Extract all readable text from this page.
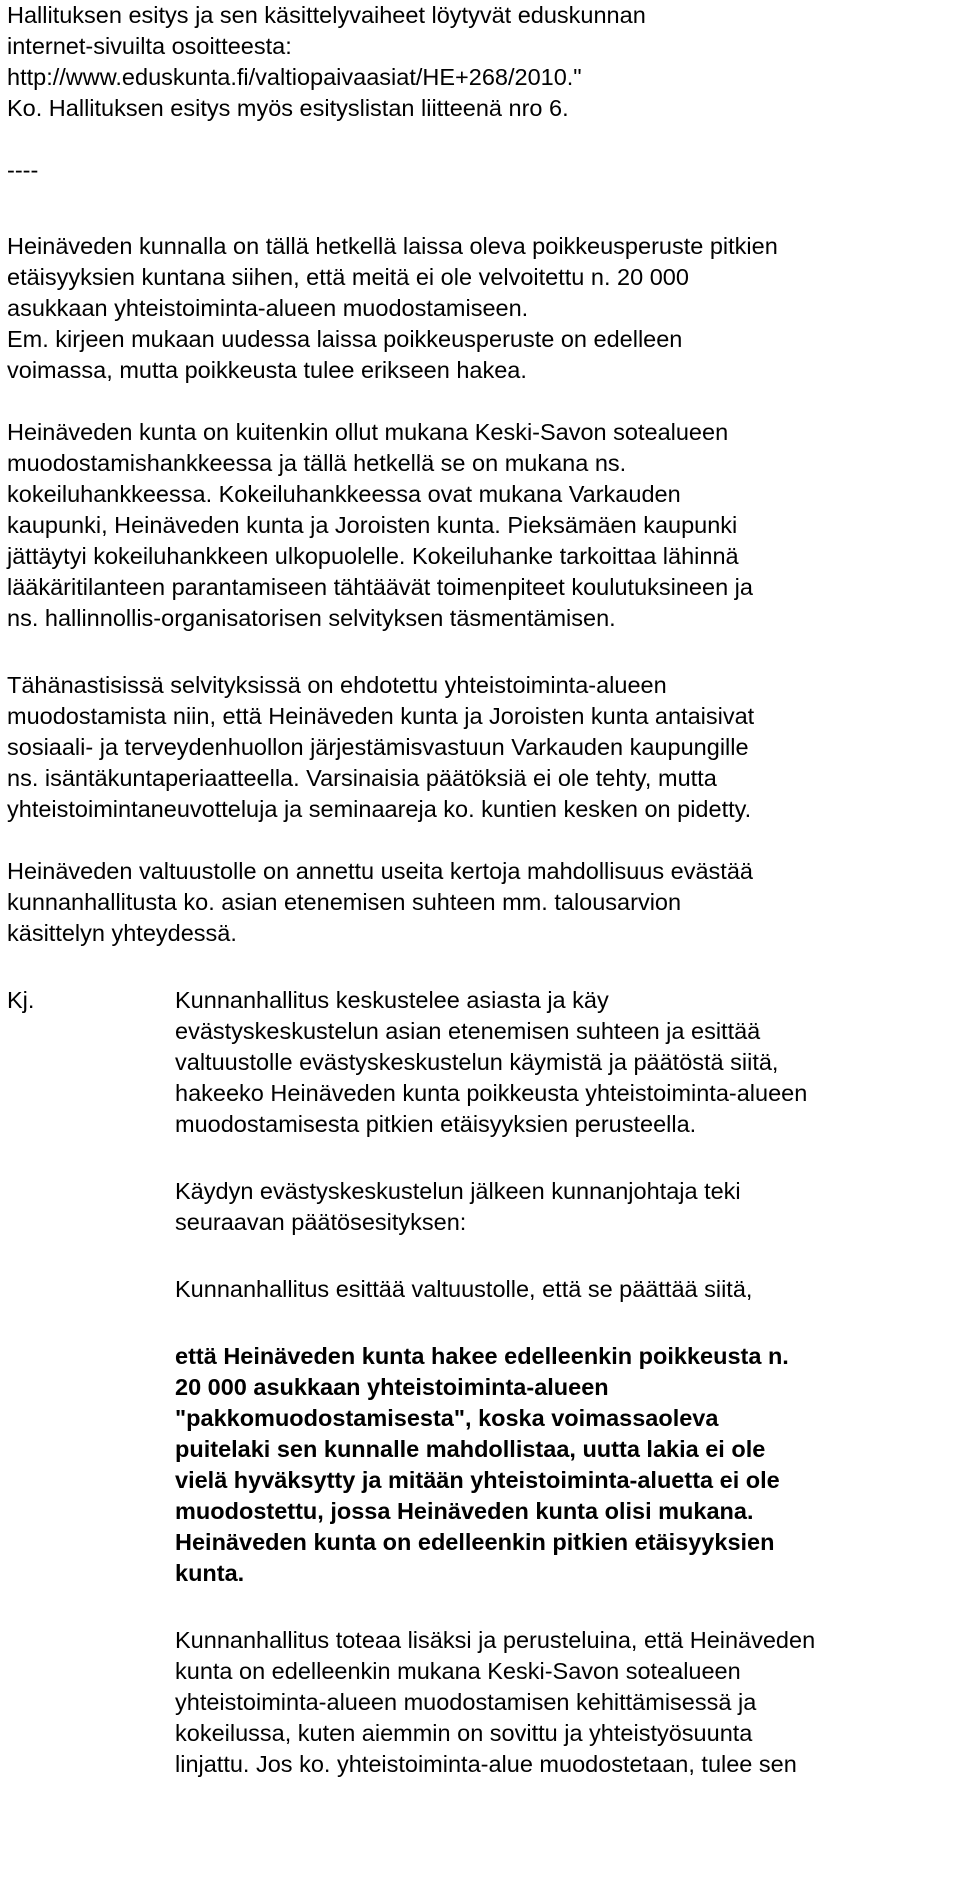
Hallituksen esitys ja sen käsittelyvaiheet löytyvät eduskunnan
internet-sivuilta osoitteesta:
http://www.eduskunta.fi/valtiopaivaasiat/HE+268/2010."
Ko. Hallituksen esitys myös esityslistan liitteenä nro 6.
----
Heinäveden kunnalla on tällä hetkellä laissa oleva poikkeusperuste pitkien
etäisyyksien kuntana siihen, että meitä ei ole velvoitettu n. 20 000
asukkaan yhteistoiminta-alueen muodostamiseen.
Em. kirjeen mukaan uudessa laissa poikkeusperuste on edelleen
voimassa, mutta poikkeusta tulee erikseen hakea.
Heinäveden kunta on kuitenkin ollut mukana Keski-Savon sotealueen
muodostamishankkeessa ja tällä hetkellä se on mukana ns.
kokeiluhankkeessa. Kokeiluhankkeessa ovat mukana Varkauden
kaupunki, Heinäveden kunta ja Joroisten kunta. Pieksämäen kaupunki
jättäytyi kokeiluhankkeen ulkopuolelle. Kokeiluhanke tarkoittaa lähinnä
lääkäritilanteen parantamiseen tähtäävät toimenpiteet koulutuksineen ja
ns. hallinnollis-organisatorisen selvityksen täsmentämisen.
Tähänastisissä selvityksissä on ehdotettu yhteistoiminta-alueen
muodostamista niin, että Heinäveden kunta ja Joroisten kunta antaisivat
sosiaali- ja terveydenhuollon järjestämisvastuun Varkauden kaupungille
ns. isäntäkuntaperiaatteella. Varsinaisia päätöksiä ei ole tehty, mutta
yhteistoimintaneuvotteluja ja seminaareja ko. kuntien kesken on pidetty.
Heinäveden valtuustolle on annettu useita kertoja mahdollisuus evästää
kunnanhallitusta ko. asian etenemisen suhteen mm. talousarvion
käsittelyn yhteydessä.
Kj.	Kunnanhallitus keskustelee asiasta ja käy
evästyskeskustelun asian etenemisen suhteen ja esittää
valtuustolle evästyskeskustelun käymistä ja päätöstä siitä,
hakeeko Heinäveden kunta poikkeusta yhteistoiminta-alueen
muodostamisesta pitkien etäisyyksien perusteella.
Käydyn evästyskeskustelun jälkeen kunnanjohtaja teki
seuraavan päätösesityksen:
Kunnanhallitus esittää valtuustolle, että se päättää siitä,
että Heinäveden kunta hakee edelleenkin poikkeusta n.
20 000 asukkaan yhteistoiminta-alueen
"pakkomuodostamisesta", koska voimassaoleva
puitelaki sen kunnalle mahdollistaa, uutta lakia ei ole
vielä hyväksytty ja mitään yhteistoiminta-aluetta ei ole
muodostettu, jossa Heinäveden kunta olisi mukana.
Heinäveden kunta on edelleenkin pitkien etäisyyksien
kunta.
Kunnanhallitus toteaa lisäksi ja perusteluina, että Heinäveden
kunta on edelleenkin mukana Keski-Savon sotealueen
yhteistoiminta-alueen muodostamisen kehittämisessä ja
kokeilussa, kuten aiemmin on sovittu ja yhteistyösuunta
linjattu. Jos ko. yhteistoiminta-alue muodostetaan, tulee sen
